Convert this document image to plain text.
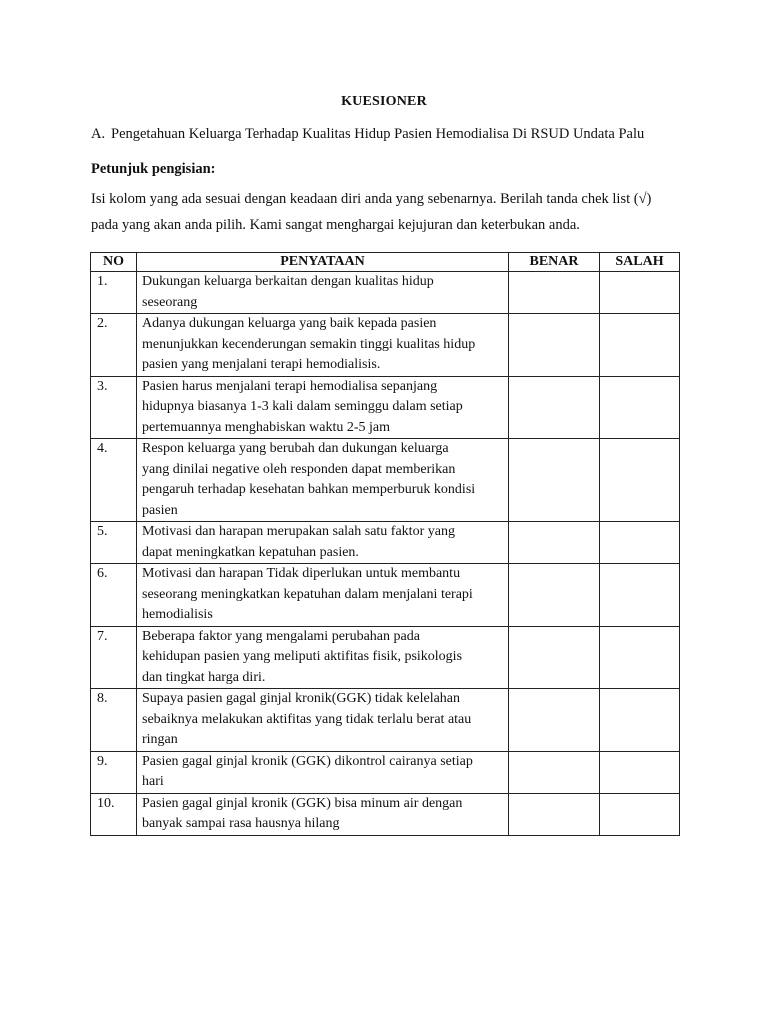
KUESIONER
A. Pengetahuan Keluarga Terhadap Kualitas Hidup Pasien Hemodialisa Di RSUD Undata Palu
Petunjuk pengisian:
Isi kolom yang ada sesuai dengan keadaan diri anda yang sebenarnya. Berilah tanda chek list (√)
pada yang akan anda pilih. Kami sangat menghargai kejujuran dan keterbukan anda.
NO	PENYATAAN	BENAR	SALAH
1.	Dukungan keluarga berkaitan dengan kualitas hidup
seseorang		

2.	Adanya dukungan keluarga yang baik kepada pasien
menunjukkan kecenderungan semakin tinggi kualitas hidup
pasien yang menjalani terapi hemodialisis.		

3.	Pasien harus menjalani terapi hemodialisa sepanjang
hidupnya biasanya 1-3 kali dalam seminggu dalam setiap
pertemuannya menghabiskan waktu 2-5 jam		

4.	Respon keluarga yang berubah dan dukungan keluarga
yang dinilai negative oleh responden dapat memberikan
pengaruh terhadap kesehatan bahkan memperburuk kondisi
pasien		

5.	Motivasi dan harapan merupakan salah satu faktor yang
dapat meningkatkan kepatuhan pasien.		

6.	Motivasi dan harapan Tidak diperlukan untuk membantu
seseorang meningkatkan kepatuhan dalam menjalani terapi
hemodialisis		

7.	Beberapa faktor yang mengalami perubahan pada
kehidupan pasien yang meliputi aktifitas fisik, psikologis
dan tingkat harga diri.		

8.	Supaya pasien gagal ginjal kronik(GGK) tidak kelelahan
sebaiknya melakukan aktifitas yang tidak terlalu berat atau
ringan		

9.	Pasien gagal ginjal kronik (GGK) dikontrol cairanya setiap
hari		

10.	Pasien gagal ginjal kronik (GGK) bisa minum air dengan
banyak sampai rasa hausnya hilang		
